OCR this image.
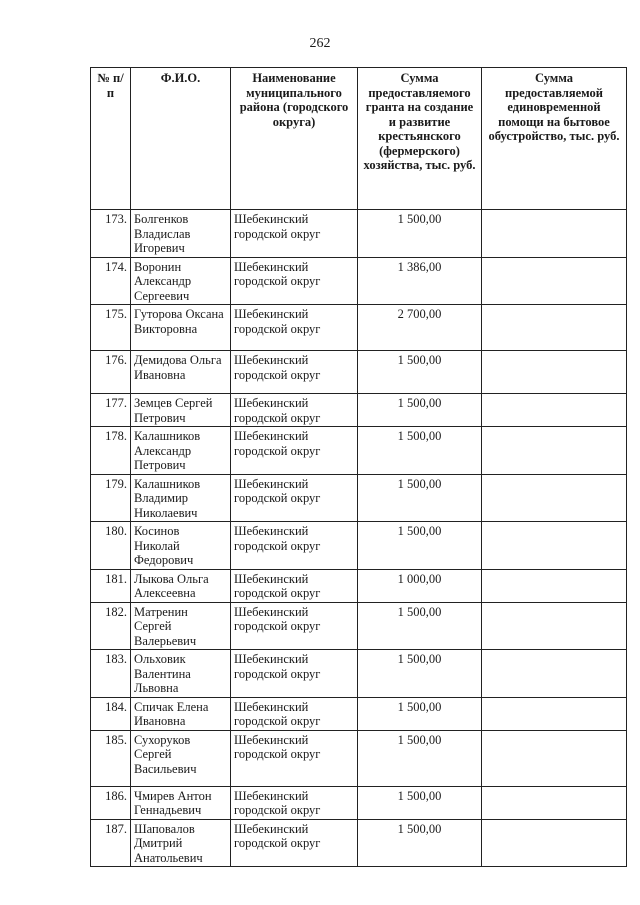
262
№ п/п	Ф.И.О.	Наименование муниципального района (городского округа)	Сумма предоставляемого гранта на создание и развитие крестьянского (фермерского) хозяйства, тыс. руб.	Сумма предоставляемой единовременной помощи на бытовое обустройство, тыс. руб.
173.	Болгенков Владислав Игоревич	Шебекинский городской округ	1 500,00	
174.	Воронин Александр Сергеевич	Шебекинский городской округ	1 386,00	
175.	Гуторова Оксана Викторовна	Шебекинский городской округ	2 700,00	
176.	Демидова Ольга Ивановна	Шебекинский городской округ	1 500,00	
177.	Земцев Сергей Петрович	Шебекинский городской округ	1 500,00	
178.	Калашников Александр Петрович	Шебекинский городской округ	1 500,00	
179.	Калашников Владимир Николаевич	Шебекинский городской округ	1 500,00	
180.	Косинов Николай Федорович	Шебекинский городской округ	1 500,00	
181.	Лыкова Ольга Алексеевна	Шебекинский городской округ	1 000,00	
182.	Матренин Сергей Валерьевич	Шебекинский городской округ	1 500,00	
183.	Ольховик Валентина Львовна	Шебекинский городской округ	1 500,00	
184.	Спичак Елена Ивановна	Шебекинский городской округ	1 500,00	
185.	Сухоруков Сергей Васильевич	Шебекинский городской округ	1 500,00	
186.	Чмирев Антон Геннадьевич	Шебекинский городской округ	1 500,00	
187.	Шаповалов Дмитрий Анатольевич	Шебекинский городской округ	1 500,00	
